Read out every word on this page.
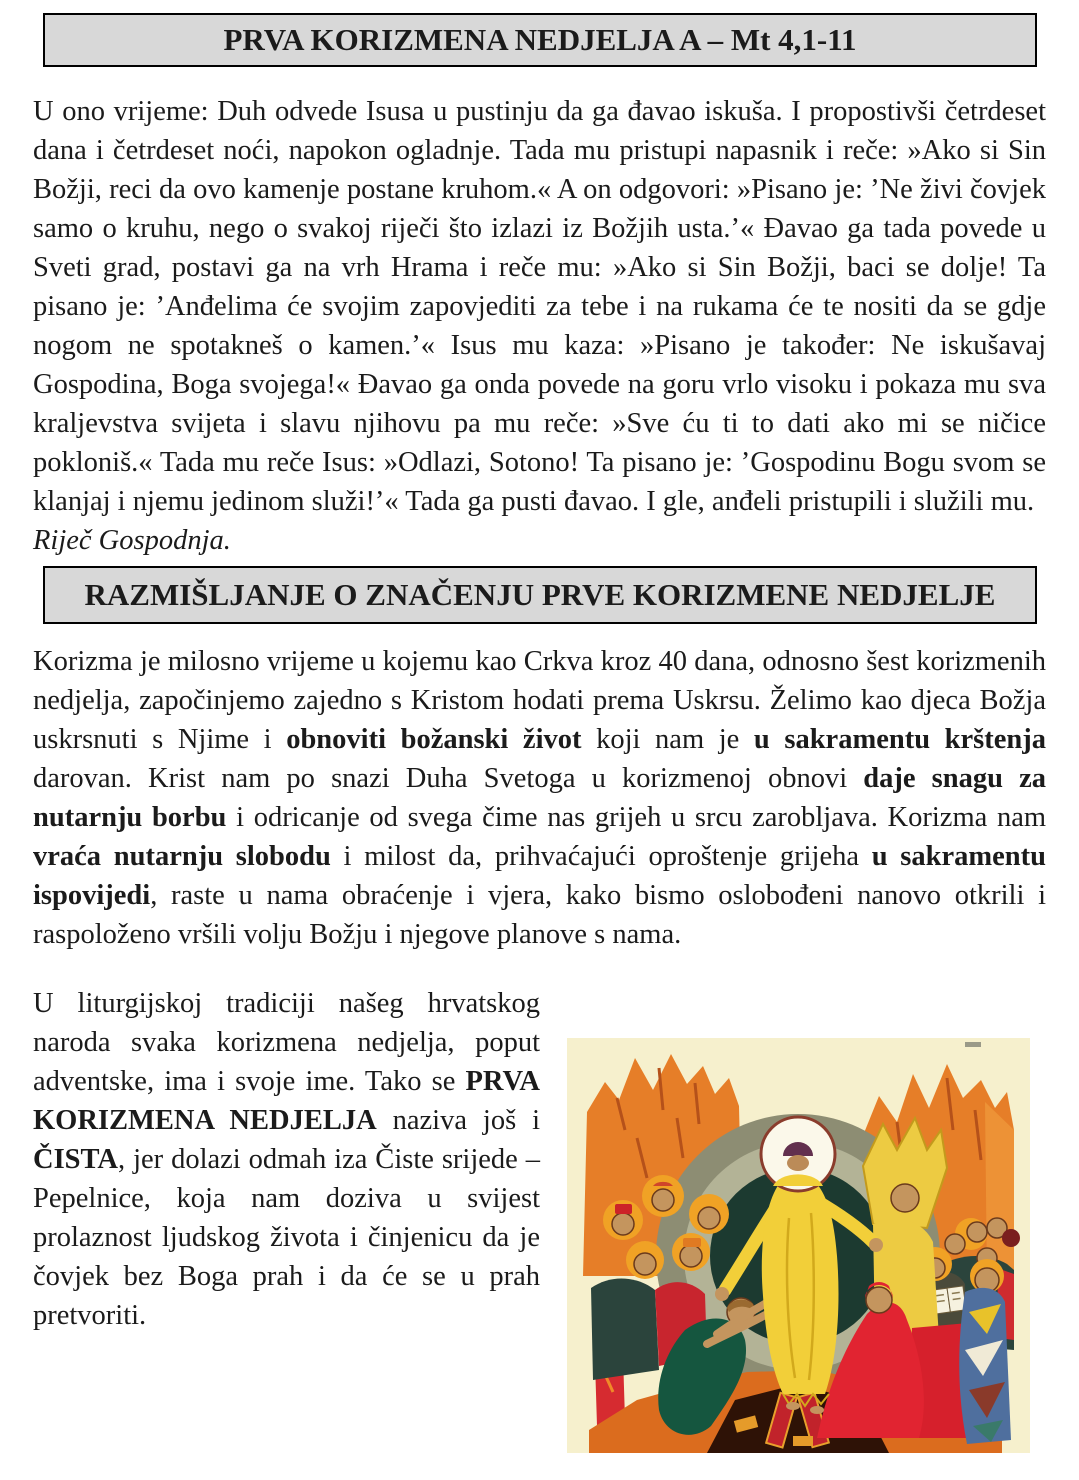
PRVA KORIZMENA NEDJELJA A – Mt 4,1-11

U ono vrijeme: Duh odvede Isusa u pustinju da ga đavao iskuša. I propostivši četrdeset dana i četrdeset noći, napokon ogladnje. Tada mu pristupi napasnik i reče: »Ako si Sin Božji, reci da ovo kamenje postane kruhom.« A on odgovori: »Pisano je: ’Ne živi čovjek samo o kruhu, nego o svakoj riječi što izlazi iz Božjih usta.’« Đavao ga tada povede u Sveti grad, postavi ga na vrh Hrama i reče mu: »Ako si Sin Božji, baci se dolje! Ta pisano je: ’Anđelima će svojim zapovjediti za tebe i na rukama će te nositi da se gdje nogom ne spotakneš o kamen.’« Isus mu kaza: »Pisano je također: Ne iskušavaj Gospodina, Boga svojega!« Đavao ga onda povede na goru vrlo visoku i pokaza mu sva kraljevstva svijeta i slavu njihovu pa mu reče: »Sve ću ti to dati ako mi se ničice pokloniš.« Tada mu reče Isus: »Odlazi, Sotono! Ta pisano je: ’Gospodinu Bogu svom se klanjaj i njemu jedinom služi!’« Tada ga pusti đavao. I gle, anđeli pristupili i služili mu.

Riječ Gospodnja.

RAZMIŠLJANJE O ZNAČENJU PRVE KORIZMENE NEDJELJE

Korizma je milosno vrijeme u kojemu kao Crkva kroz 40 dana, odnosno šest korizmenih nedjelja, započinjemo zajedno s Kristom hodati prema Uskrsu. Želimo kao djeca Božja uskrsnuti s Njime i obnoviti božanski život koji nam je u sakramentu krštenja darovan. Krist nam po snazi Duha Svetoga u korizmenoj obnovi daje snagu za nutarnju borbu i odricanje od svega čime nas grijeh u srcu zarobljava. Korizma nam vraća nutarnju slobodu i milost da, prihvaćajući oproštenje grijeha u sakramentu ispovijedi, raste u nama obraćenje i vjera, kako bismo oslobođeni nanovo otkrili i raspoloženo vršili volju Božju i njegove planove s nama.

U liturgijskoj tradiciji našeg hrvatskog naroda svaka korizmena nedjelja, poput adventske, ima i svoje ime. Tako se PRVA KORIZMENA NEDJELJA naziva još i ČISTA, jer dolazi odmah iza Čiste srijede – Pepelnice, koja nam doziva u svijest prolaznost ljudskog života i činjenicu da je čovjek bez Boga prah i da će se u prah pretvoriti.
